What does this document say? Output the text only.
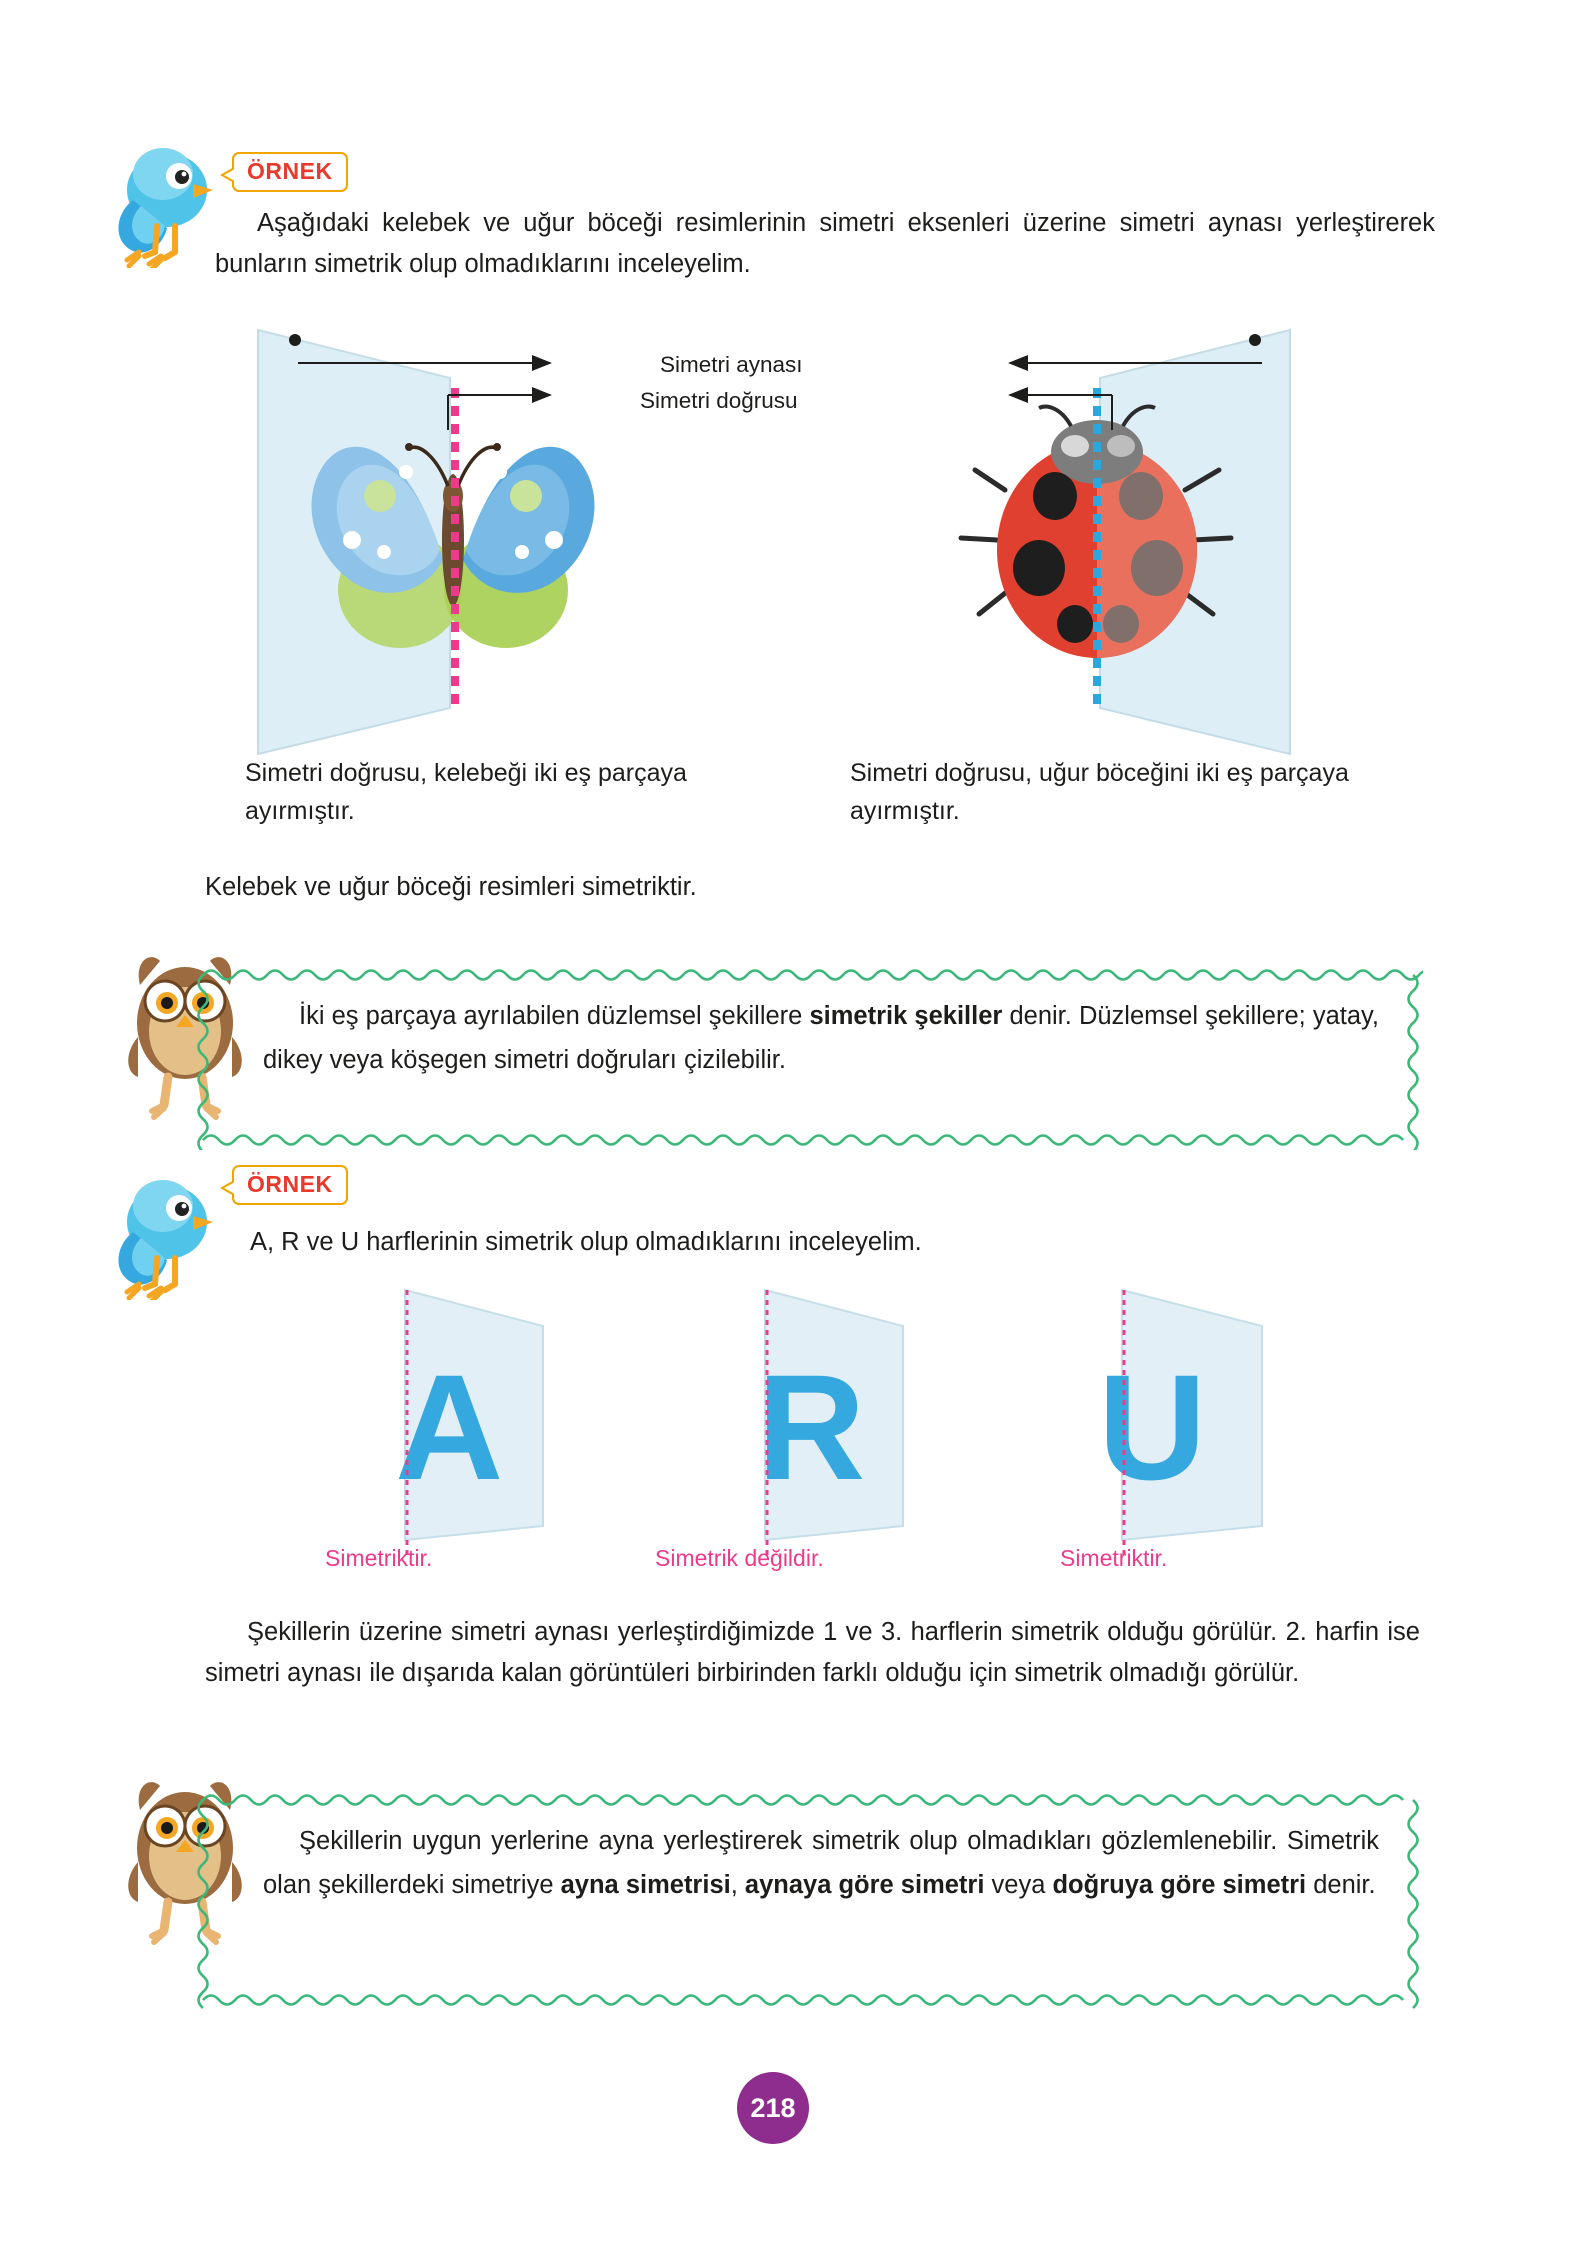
ÖRNEK
Aşağıdaki kelebek ve uğur böceği resimlerinin simetri eksenleri üzerine simetri aynası yerleştirerek bunların simetrik olup olmadıklarını inceleyelim.
Simetri aynası
Simetri doğrusu
Simetri doğrusu, kelebeği iki eş parçaya ayırmıştır.
Simetri doğrusu, uğur böceğini iki eş parçaya ayırmıştır.
Kelebek ve uğur böceği resimleri simetriktir.
İki eş parçaya ayrılabilen düzlemsel şekillere simetrik şekiller denir. Düzlemsel şekillere; yatay, dikey veya köşegen simetri doğruları çizilebilir.
ÖRNEK
A, R ve U harflerinin simetrik olup olmadıklarını inceleyelim.
A
Simetriktir.
R
Simetrik değildir.
U
Simetriktir.
Şekillerin üzerine simetri aynası yerleştirdiğimizde 1 ve 3. harflerin simetrik olduğu görülür. 2. harfin ise simetri aynası ile dışarıda kalan görüntüleri birbirinden farklı olduğu için simetrik olmadığı görülür.
Şekillerin uygun yerlerine ayna yerleştirerek simetrik olup olmadıkları gözlemlenebilir. Simetrik olan şekillerdeki simetriye ayna simetrisi, aynaya göre simetri veya doğruya göre simetri denir.
218
